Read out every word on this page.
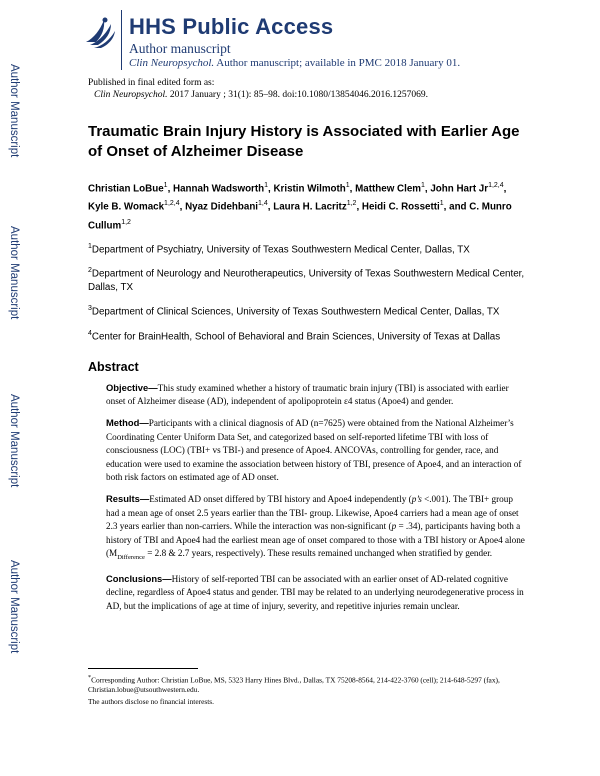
HHS Public Access
Author manuscript
Clin Neuropsychol. Author manuscript; available in PMC 2018 January 01.
Published in final edited form as:
Clin Neuropsychol. 2017 January ; 31(1): 85–98. doi:10.1080/13854046.2016.1257069.
Author Manuscript
Author Manuscript
Author Manuscript
Author Manuscript
Traumatic Brain Injury History is Associated with Earlier Age of Onset of Alzheimer Disease
Christian LoBue$^1$, Hannah Wadsworth$^1$, Kristin Wilmoth$^1$, Matthew Clem$^1$, John Hart Jr$^{1,2,4}$, Kyle B. Womack$^{1,2,4}$, Nyaz Didehbani$^{1,4}$, Laura H. Lacritz$^{1,2}$, Heidi C. Rossetti$^1$, and C. Munro Cullum$^{1,2}$
$^1$Department of Psychiatry, University of Texas Southwestern Medical Center, Dallas, TX
$^2$Department of Neurology and Neurotherapeutics, University of Texas Southwestern Medical Center, Dallas, TX
$^3$Department of Clinical Sciences, University of Texas Southwestern Medical Center, Dallas, TX
$^4$Center for BrainHealth, School of Behavioral and Brain Sciences, University of Texas at Dallas
Abstract
Objective—This study examined whether a history of traumatic brain injury (TBI) is associated with earlier onset of Alzheimer disease (AD), independent of apolipoprotein ε4 status (Apoe4) and gender.
Method—Participants with a clinical diagnosis of AD (n=7625) were obtained from the National Alzheimer’s Coordinating Center Uniform Data Set, and categorized based on self-reported lifetime TBI with loss of consciousness (LOC) (TBI+ vs TBI-) and presence of Apoe4. ANCOVAs, controlling for gender, race, and education were used to examine the association between history of TBI, presence of Apoe4, and an interaction of both risk factors on estimated age of AD onset.
Results—Estimated AD onset differed by TBI history and Apoe4 independently (p’s <.001). The TBI+ group had a mean age of onset 2.5 years earlier than the TBI- group. Likewise, Apoe4 carriers had a mean age of onset 2.3 years earlier than non-carriers. While the interaction was non-significant (p = .34), participants having both a history of TBI and Apoe4 had the earliest mean age of onset compared to those with a TBI history or Apoe4 alone ($M_{Difference} = 2.8$ & 2.7 years, respectively). These results remained unchanged when stratified by gender.
Conclusions—History of self-reported TBI can be associated with an earlier onset of AD-related cognitive decline, regardless of Apoe4 status and gender. TBI may be related to an underlying neurodegenerative process in AD, but the implications of age at time of injury, severity, and repetitive injuries remain unclear.
*Corresponding Author: Christian LoBue, MS, 5323 Harry Hines Blvd., Dallas, TX 75208-8564, 214-422-3760 (cell); 214-648-5297 (fax), Christian.lobue@utsouthwestern.edu.
The authors disclose no financial interests.
